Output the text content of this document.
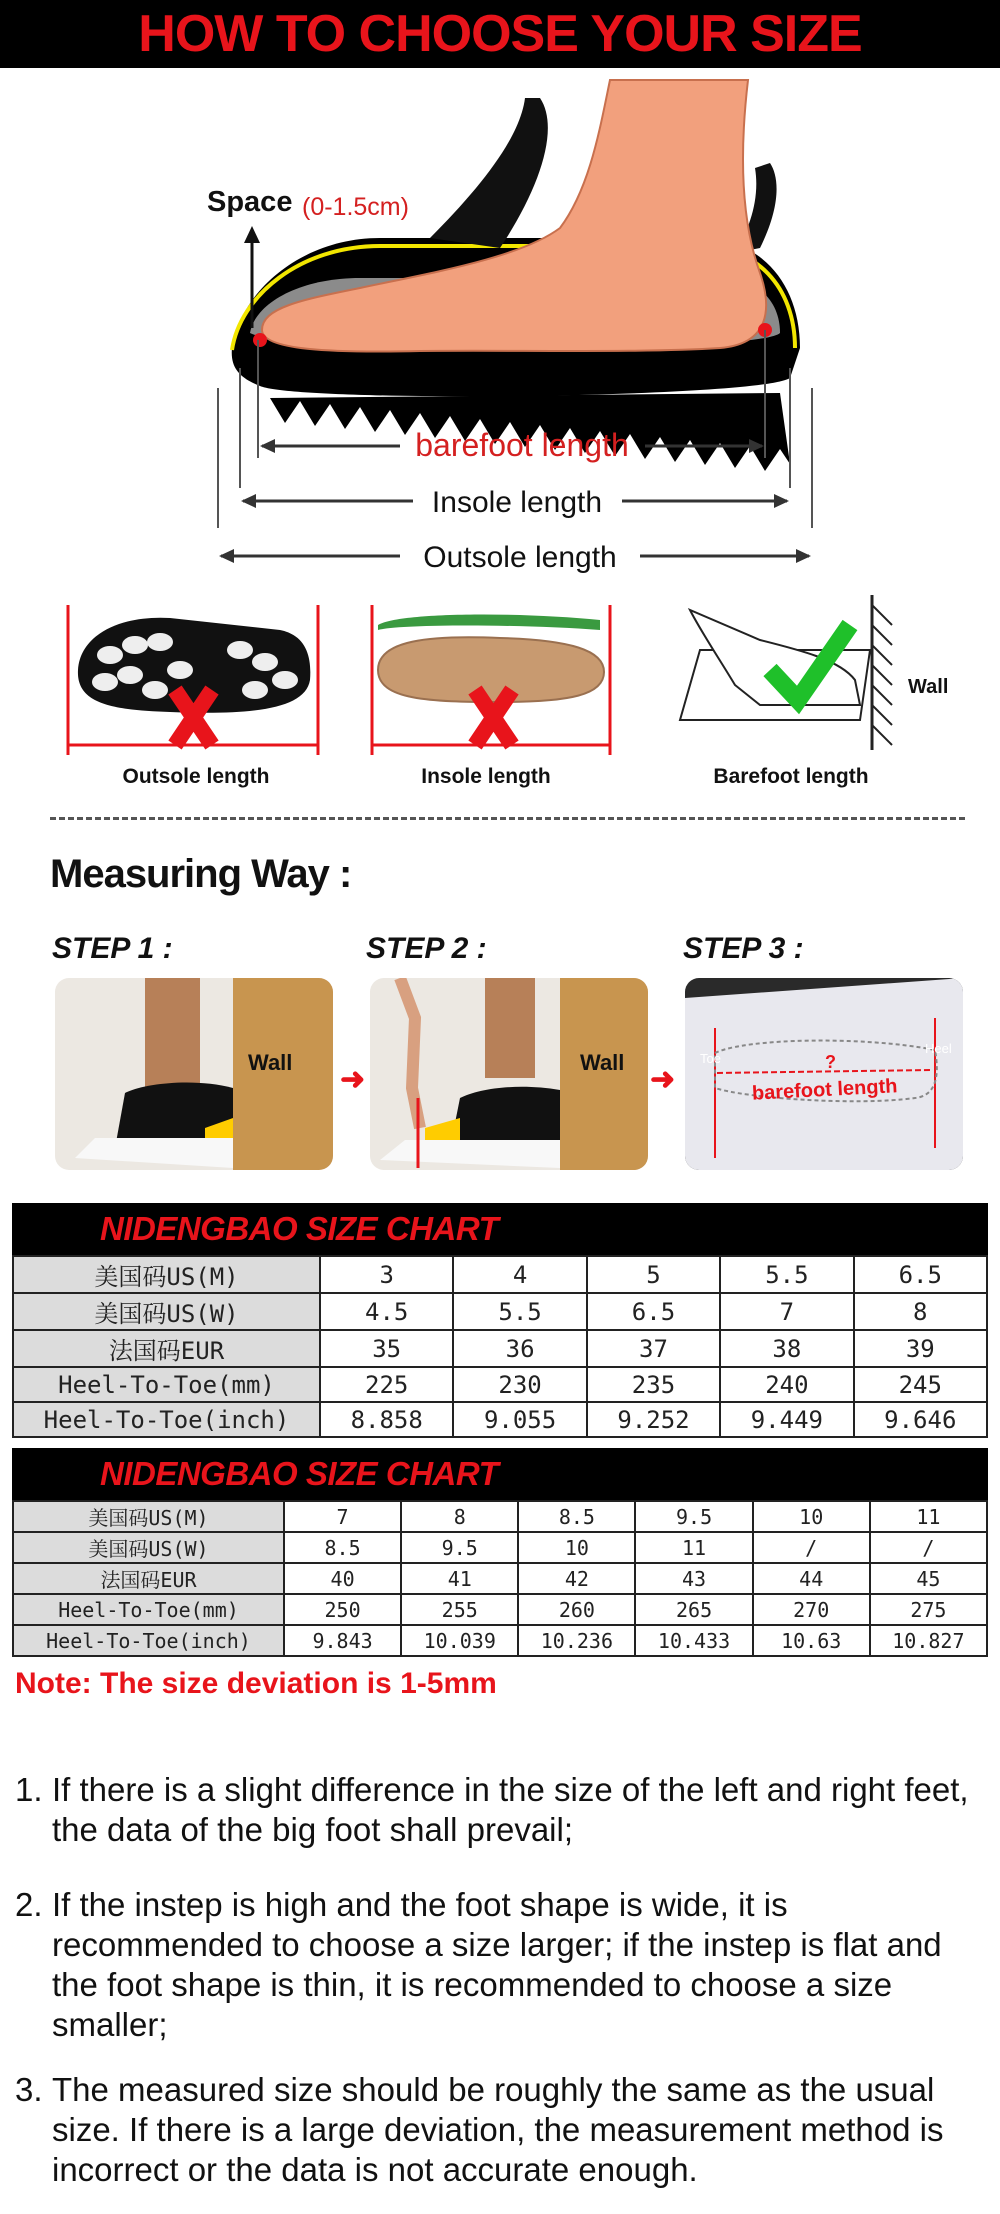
HOW TO CHOOSE YOUR SIZE
Space (0-1.5cm)
barefoot length
Insole length
Outsole length
Wall
Outsole length	Insole length	Barefoot length
Measuring Way :
STEP 1 :	STEP 2 :	STEP 3 :
Wall
➜
Wall
➜
Toe
Heel
?
barefoot length
NIDENGBAO SIZE CHART
美国码US(M)	3	4	5	5.5	6.5
美国码US(W)	4.5	5.5	6.5	7	8
法国码EUR	35	36	37	38	39
Heel-To-Toe(mm)	225	230	235	240	245
Heel-To-Toe(inch)	8.858	9.055	9.252	9.449	9.646
NIDENGBAO SIZE CHART
美国码US(M)	7	8	8.5	9.5	10	11
美国码US(W)	8.5	9.5	10	11	/	/
法国码EUR	40	41	42	43	44	45
Heel-To-Toe(mm)	250	255	260	265	270	275
Heel-To-Toe(inch)	9.843	10.039	10.236	10.433	10.63	10.827
Note: The size deviation is 1-5mm
1. If there is a slight difference in the size of the left and right feet, the data of the big foot shall prevail;
2. If the instep is high and the foot shape is wide, it is recommended to choose a size larger; if the instep is flat and the foot shape is thin, it is recommended to choose a size smaller;
3. The measured size should be roughly the same as the usual size. If there is a large deviation, the measurement method is incorrect or the data is not accurate enough.
